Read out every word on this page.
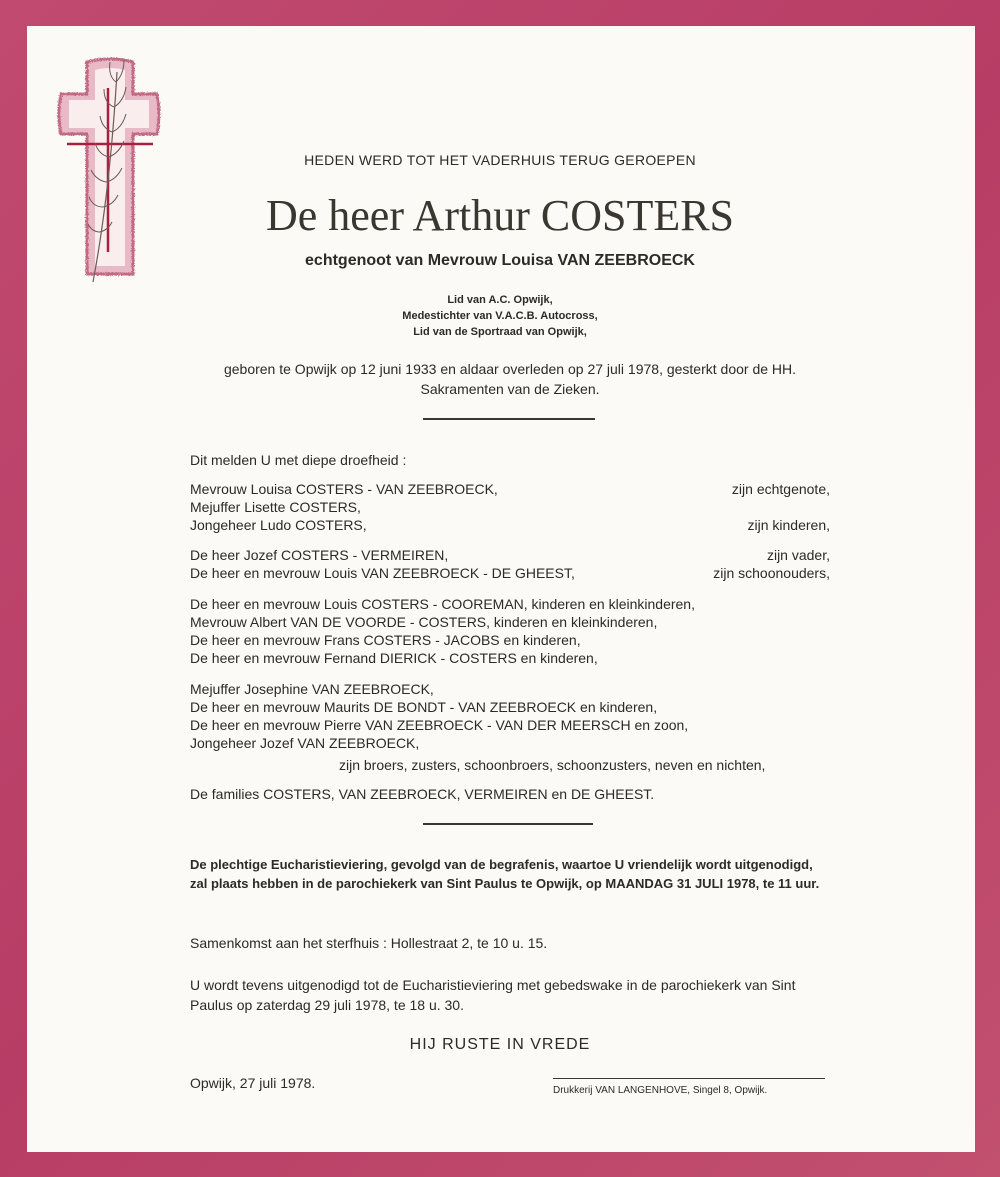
HEDEN WERD TOT HET VADERHUIS TERUG GEROEPEN
De heer Arthur COSTERS
echtgenoot van Mevrouw Louisa VAN ZEEBROECK
Lid van A.C. Opwijk,
Medestichter van V.A.C.B. Autocross,
Lid van de Sportraad van Opwijk,
geboren te Opwijk op 12 juni 1933 en aldaar overleden op 27 juli 1978, gesterkt door de HH. Sakramenten van de Zieken.
Dit melden U met diepe droefheid :
Mevrouw Louisa COSTERS - VAN ZEEBROECK,	zijn echtgenote,
Mejuffer Lisette COSTERS,
Jongeheer Ludo COSTERS,	zijn kinderen,
De heer Jozef COSTERS - VERMEIREN,	zijn vader,
De heer en mevrouw Louis VAN ZEEBROECK - DE GHEEST,	zijn schoonouders,
De heer en mevrouw Louis COSTERS - COOREMAN, kinderen en kleinkinderen,
Mevrouw Albert VAN DE VOORDE - COSTERS, kinderen en kleinkinderen,
De heer en mevrouw Frans COSTERS - JACOBS en kinderen,
De heer en mevrouw Fernand DIERICK - COSTERS en kinderen,
Mejuffer Josephine VAN ZEEBROECK,
De heer en mevrouw Maurits DE BONDT - VAN ZEEBROECK en kinderen,
De heer en mevrouw Pierre VAN ZEEBROECK - VAN DER MEERSCH en zoon,
Jongeheer Jozef VAN ZEEBROECK,
zijn broers, zusters, schoonbroers, schoonzusters, neven en nichten,
De families COSTERS, VAN ZEEBROECK, VERMEIREN en DE GHEEST.
De plechtige Eucharistieviering, gevolgd van de begrafenis, waartoe U vriendelijk wordt uitgenodigd, zal plaats hebben in de parochiekerk van Sint Paulus te Opwijk, op MAANDAG 31 JULI 1978, te 11 uur.
Samenkomst aan het sterfhuis : Hollestraat 2, te 10 u. 15.
U wordt tevens uitgenodigd tot de Eucharistieviering met gebedswake in de parochiekerk van Sint Paulus op zaterdag 29 juli 1978, te 18 u. 30.
HIJ RUSTE IN VREDE
Opwijk, 27 juli 1978.	Drukkerij VAN LANGENHOVE, Singel 8, Opwijk.
